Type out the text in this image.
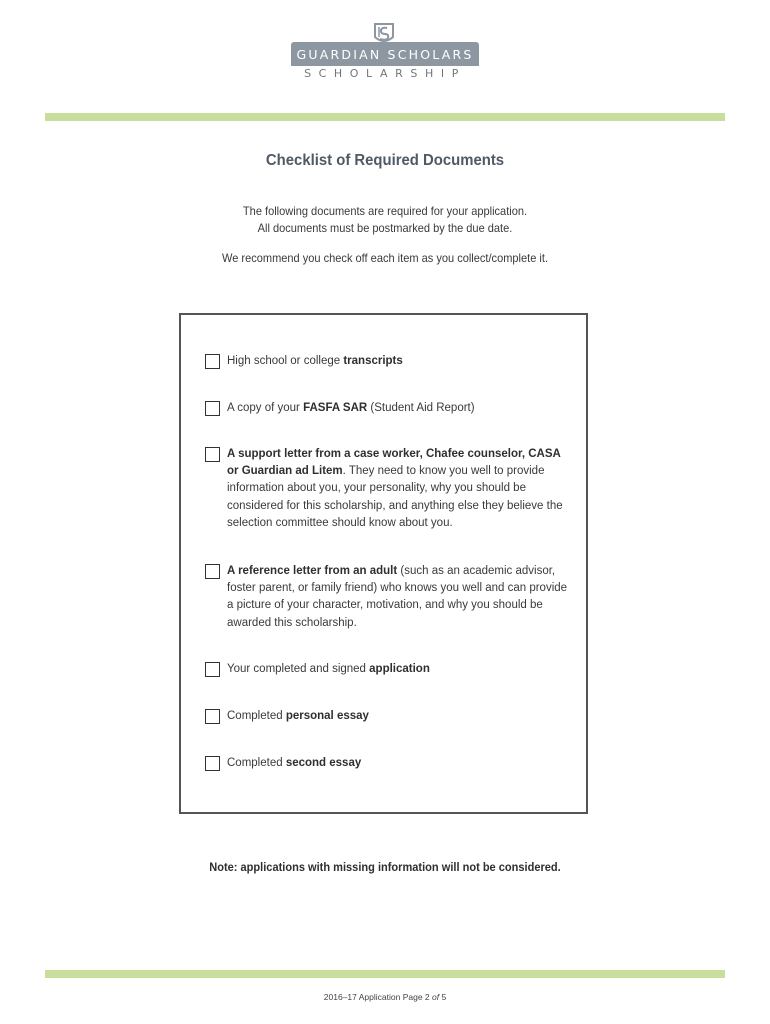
GUARDIAN SCHOLARS
SCHOLARSHIP
Checklist of Required Documents
The following documents are required for your application.
All documents must be postmarked by the due date.
We recommend you check off each item as you collect/complete it.
High school or college transcripts
A copy of your FASFA SAR (Student Aid Report)
A support letter from a case worker, Chafee counselor, CASA or Guardian ad Litem. They need to know you well to provide information about you, your personality, why you should be considered for this scholarship, and anything else they believe the selection committee should know about you.
A reference letter from an adult (such as an academic advisor, foster parent, or family friend) who knows you well and can provide a picture of your character, motivation, and why you should be awarded this scholarship.
Your completed and signed application
Completed personal essay
Completed second essay
Note: applications with missing information will not be considered.
2016–17 Application Page 2 of 5
